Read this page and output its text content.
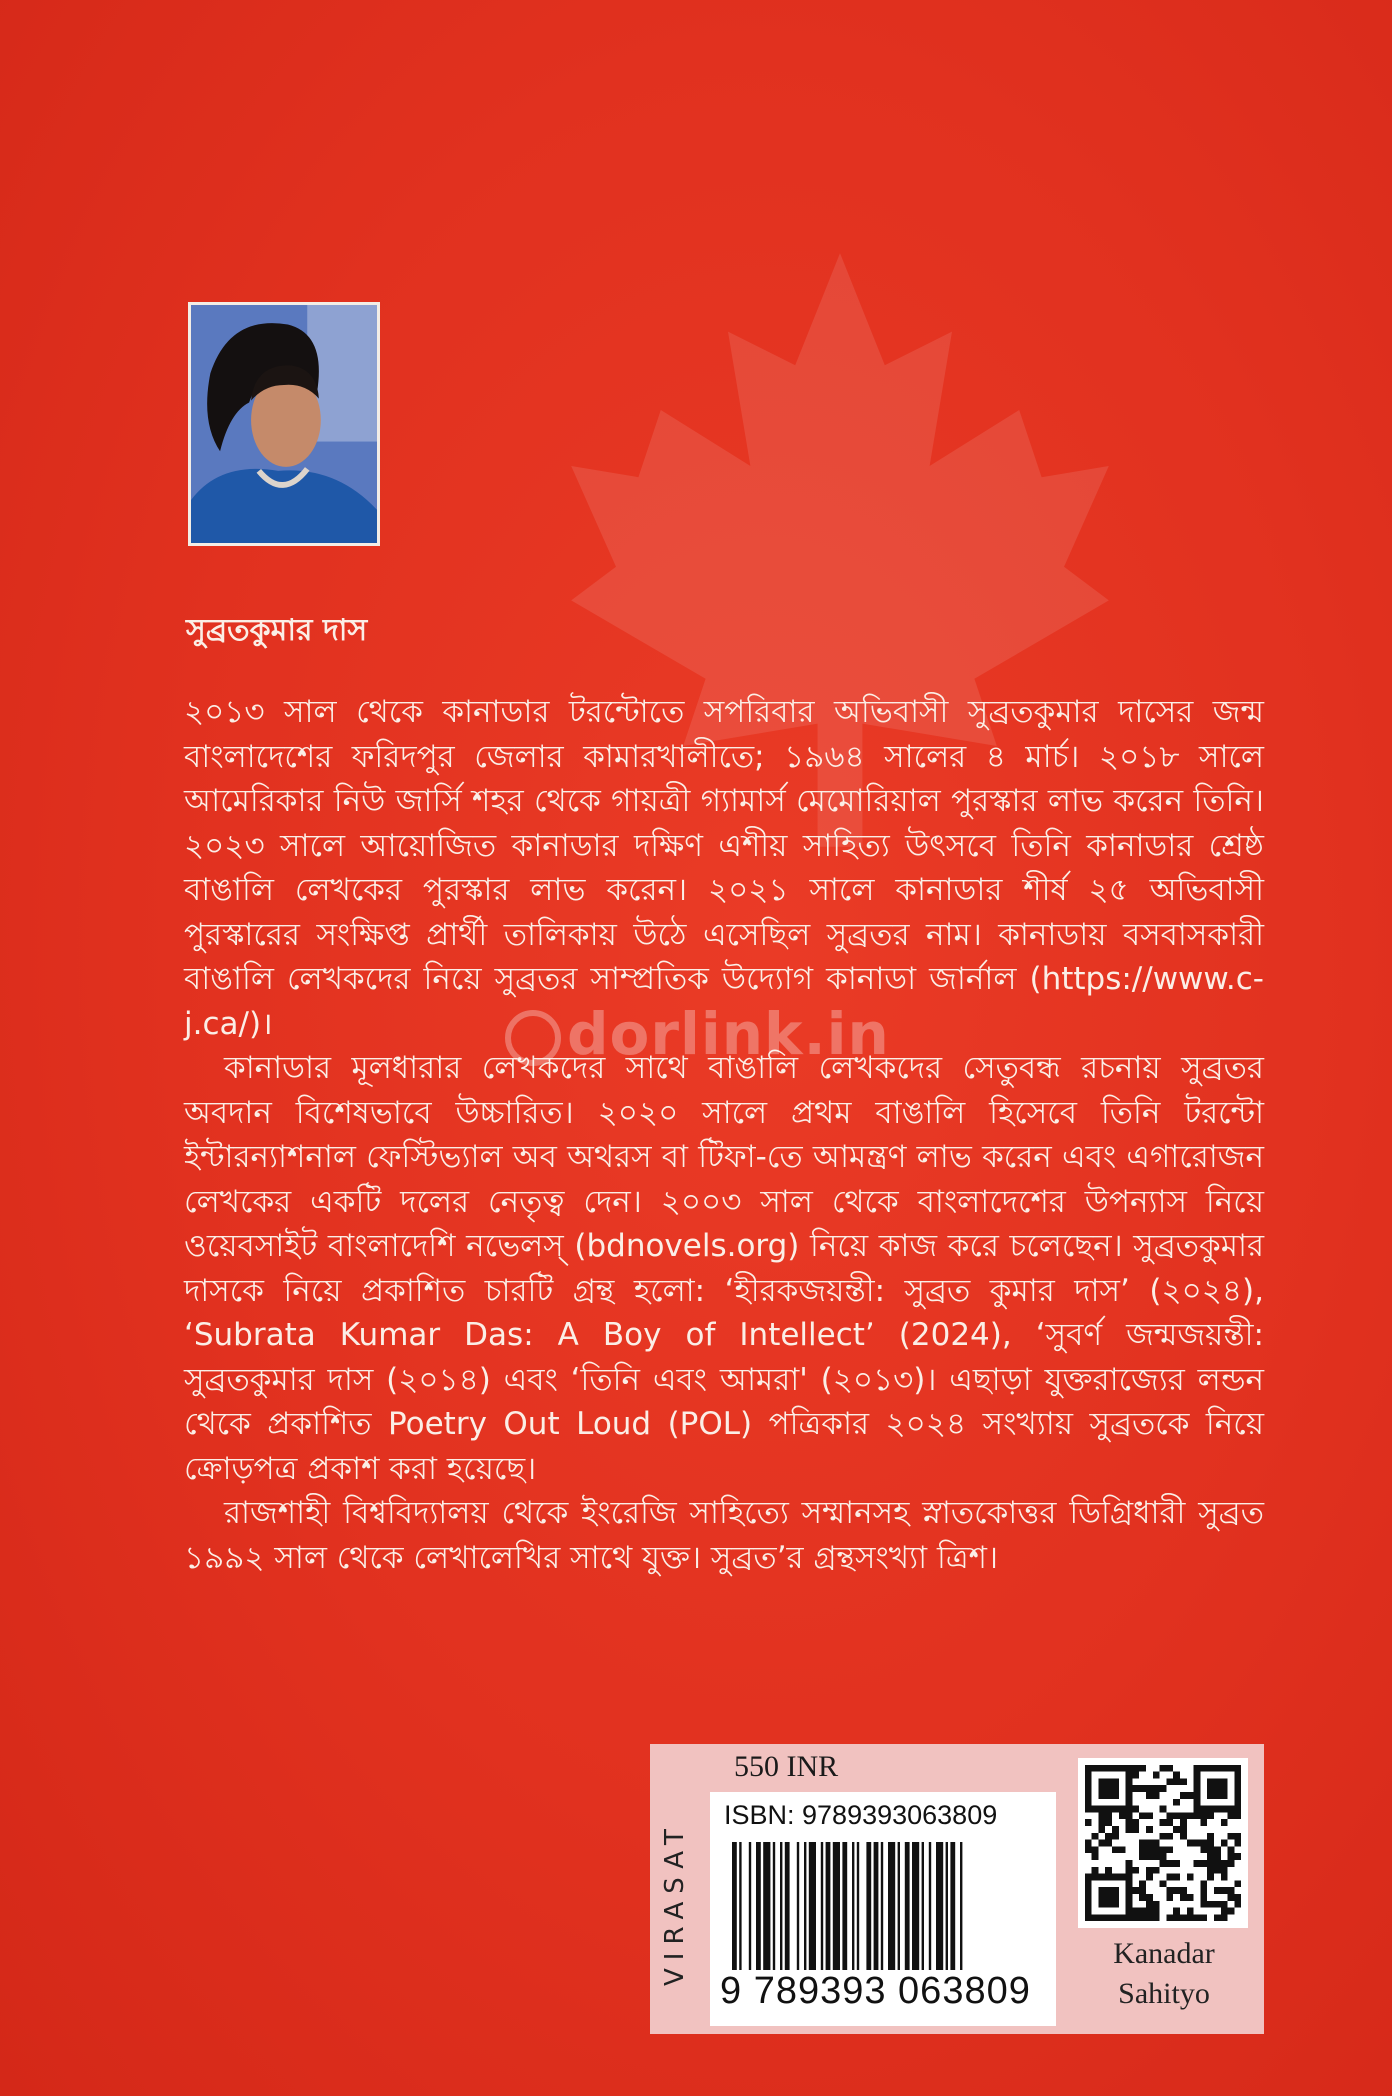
সুব্রতকুমার দাস

২০১৩ সাল থেকে কানাডার টরন্টোতে সপরিবার অভিবাসী সুব্রতকুমার দাসের জন্ম বাংলাদেশের ফরিদপুর জেলার কামারখালীতে; ১৯৬৪ সালের ৪ মার্চ। ২০১৮ সালে আমেরিকার নিউ জার্সি শহর থেকে গায়ত্রী গ্যামার্স মেমোরিয়াল পুরস্কার লাভ করেন তিনি। ২০২৩ সালে আয়োজিত কানাডার দক্ষিণ এশীয় সাহিত্য উৎসবে তিনি কানাডার শ্রেষ্ঠ বাঙালি লেখকের পুরস্কার লাভ করেন। ২০২১ সালে কানাডার শীর্ষ ২৫ অভিবাসী পুরস্কারের সংক্ষিপ্ত প্রার্থী তালিকায় উঠে এসেছিল সুব্রতর নাম। কানাডায় বসবাসকারী বাঙালি লেখকদের নিয়ে সুব্রতর সাম্প্রতিক উদ্যোগ কানাডা জার্নাল (https://www.c-j.ca/)।

কানাডার মূলধারার লেখকদের সাথে বাঙালি লেখকদের সেতুবন্ধ রচনায় সুব্রতর অবদান বিশেষভাবে উচ্চারিত। ২০২০ সালে প্রথম বাঙালি হিসেবে তিনি টরন্টো ইন্টারন্যাশনাল ফেস্টিভ্যাল অব অথরস বা টিফা-তে আমন্ত্রণ লাভ করেন এবং এগারোজন লেখকের একটি দলের নেতৃত্ব দেন। ২০০৩ সাল থেকে বাংলাদেশের উপন্যাস নিয়ে ওয়েবসাইট বাংলাদেশি নভেলস্ (bdnovels.org) নিয়ে কাজ করে চলেছেন। সুব্রতকুমার দাসকে নিয়ে প্রকাশিত চারটি গ্রন্থ হলো: ‘হীরকজয়ন্তী: সুব্রত কুমার দাস’ (২০২৪), ‘Subrata Kumar Das: A Boy of Intellect’ (2024), ‘সুবর্ণ জন্মজয়ন্তী: সুব্রতকুমার দাস (২০১৪) এবং ‘তিনি এবং আমরা' (২০১৩)। এছাড়া যুক্তরাজ্যের লন্ডন থেকে প্রকাশিত Poetry Out Loud (POL) পত্রিকার ২০২৪ সংখ্যায় সুব্রতকে নিয়ে ক্রোড়পত্র প্রকাশ করা হয়েছে।

রাজশাহী বিশ্ববিদ্যালয় থেকে ইংরেজি সাহিত্যে সম্মানসহ স্নাতকোত্তর ডিগ্রিধারী সুব্রত ১৯৯২ সাল থেকে লেখালেখির সাথে যুক্ত। সুব্রত’র গ্রন্থসংখ্যা ত্রিশ।

dorlink.in
VIRASAT
550 INR
ISBN: 9789393063809
9 789393 063809
Kanadar
Sahityo
